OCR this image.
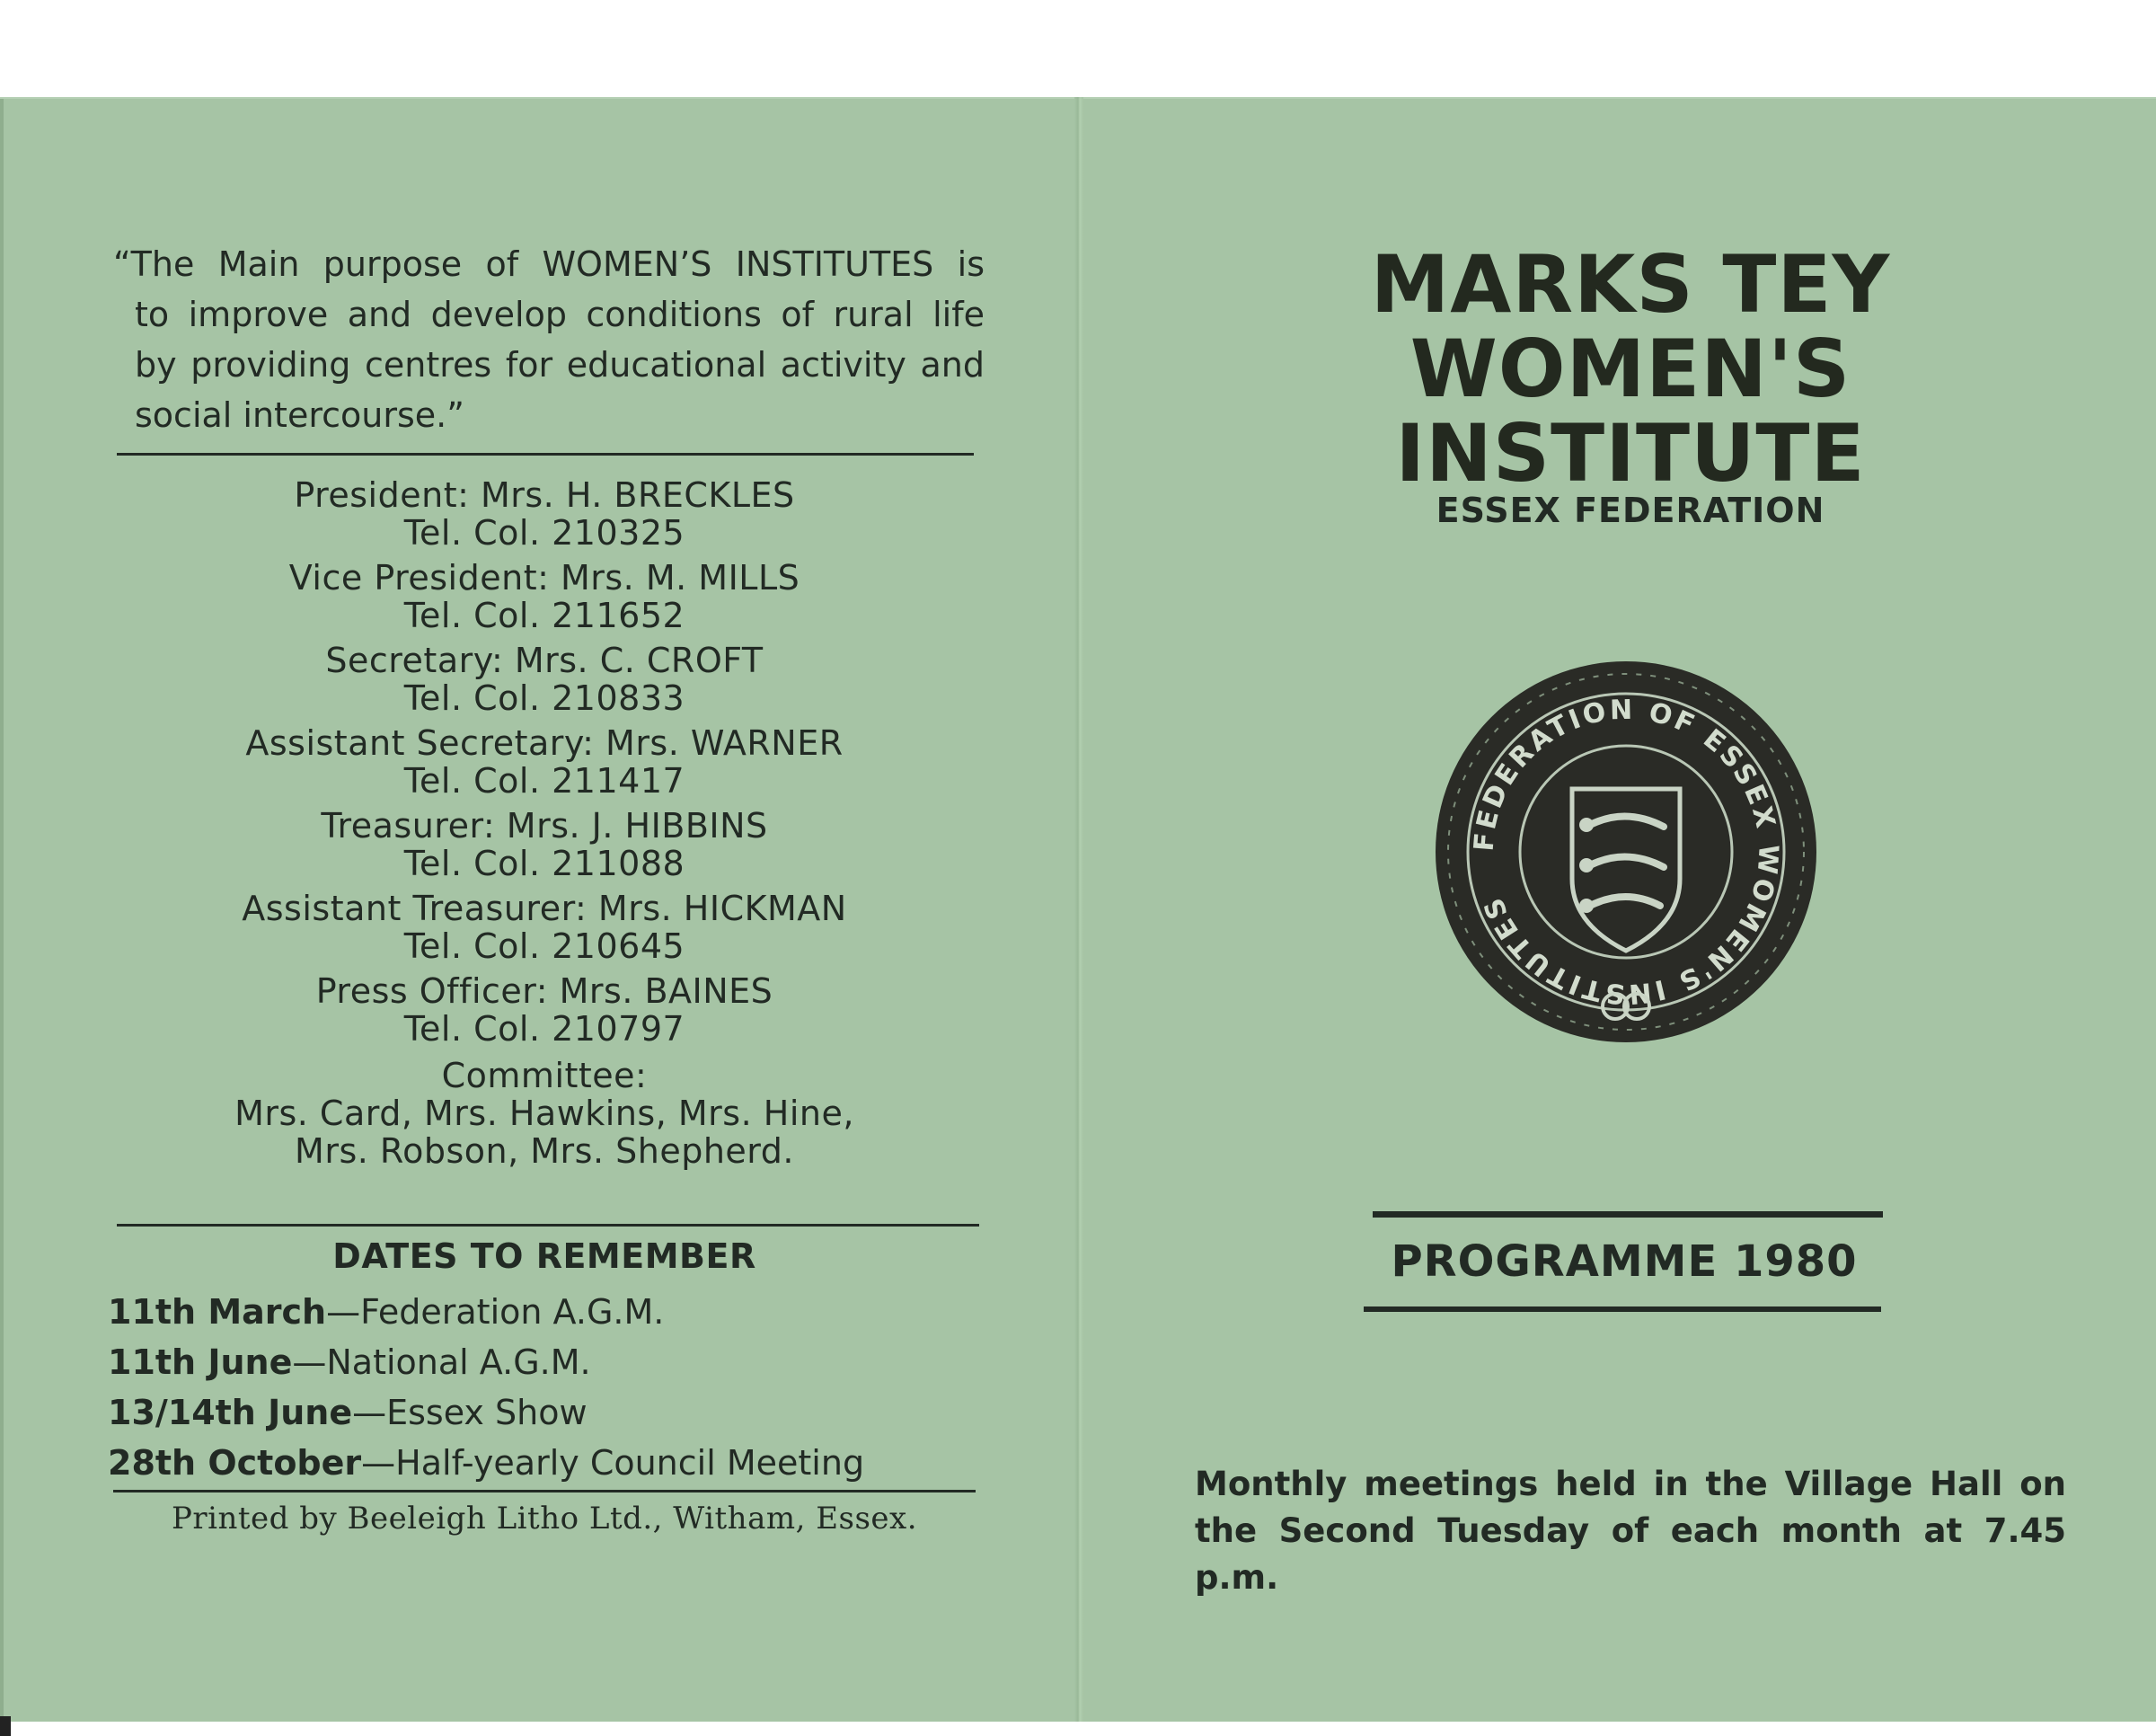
“The Main purpose of WOMEN’S INSTITUTES is
to improve and develop conditions of rural life
by providing centres for educational activity and
social intercourse.”
President: Mrs. H. BRECKLES
Tel. Col. 210325
Vice President: Mrs. M. MILLS
Tel. Col. 211652
Secretary: Mrs. C. CROFT
Tel. Col. 210833
Assistant Secretary: Mrs. WARNER
Tel. Col. 211417
Treasurer: Mrs. J. HIBBINS
Tel. Col. 211088
Assistant Treasurer: Mrs. HICKMAN
Tel. Col. 210645
Press Officer: Mrs. BAINES
Tel. Col. 210797
Committee:
Mrs. Card, Mrs. Hawkins, Mrs. Hine,
Mrs. Robson, Mrs. Shepherd.
DATES TO REMEMBER
11th March—Federation A.G.M.
11th June—National A.G.M.
13/14th June—Essex Show
28th October—Half-yearly Council Meeting
Printed by Beeleigh Litho Ltd., Witham, Essex.
MARKS TEY
WOMEN'S INSTITUTE
ESSEX FEDERATION
FEDERATION OF ESSEX WOMEN'S INSTITUTES
PROGRAMME 1980
Monthly meetings held in the Village Hall on
the Second Tuesday of each month at 7.45 p.m.
